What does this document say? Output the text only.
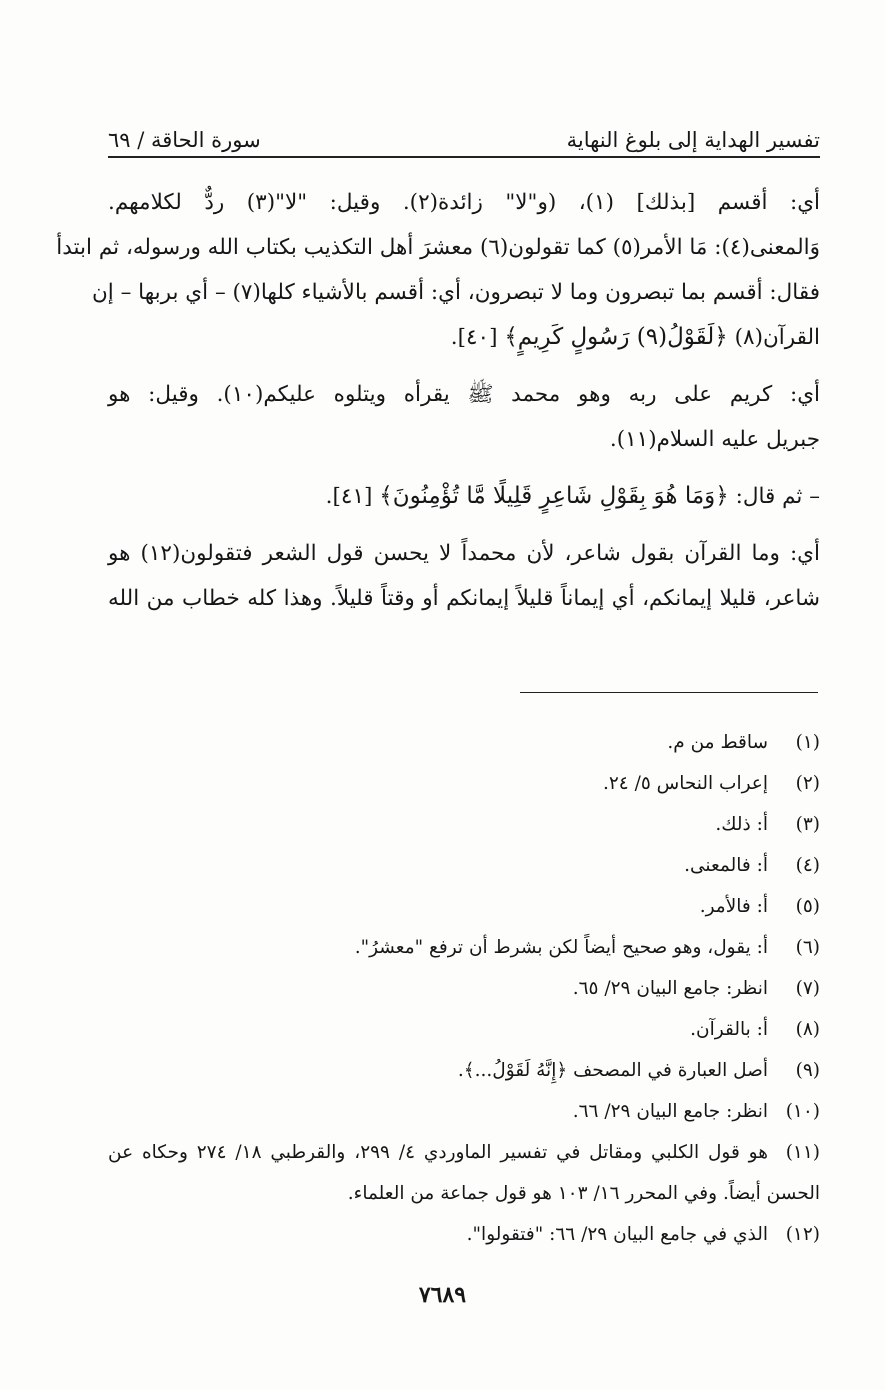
تفسير الهداية إلى بلوغ النهاية
سورة الحاقة / ٦٩

أي: أقسم [بذلك] (١)، (و"لا" زائدة(٢). وقيل: "لا"(٣) ردٌّ لكلامهم.
وَالمعنى(٤): مَا الأمر(٥) كما تقولون(٦) معشرَ أهل التكذيب بكتاب الله ورسوله، ثم ابتدأ
فقال: أقسم بما تبصرون وما لا تبصرون، أي: أقسم بالأشياء كلها(٧) – أي بربها – إن
القرآن(٨) ﴿لَقَوْلُ(٩) رَسُولٍ كَرِيمٍ﴾ [٤٠].

أي: كريم على ربه وهو محمد ﷺ يقرأه ويتلوه عليكم(١٠). وقيل: هو
جبريل عليه السلام(١١).

– ثم قال: ﴿وَمَا هُوَ بِقَوْلِ شَاعِرٍ قَلِيلًا مَّا تُؤْمِنُونَ﴾ [٤١].

أي: وما القرآن بقول شاعر، لأن محمداً لا يحسن قول الشعر فتقولون(١٢) هو
شاعر، قليلا إيمانكم، أي إيماناً قليلاً إيمانكم أو وقتاً قليلاً. وهذا كله خطاب من الله

(١)
ساقط من م.
(٢)
إعراب النحاس ٥/ ٢٤.
(٣)
أ: ذلك.
(٤)
أ: فالمعنى.
(٥)
أ: فالأمر.
(٦)
أ: يقول، وهو صحيح أيضاً لكن بشرط أن ترفع "معشرُ".
(٧)
انظر: جامع البيان ٢٩/ ٦٥.
(٨)
أ: بالقرآن.
(٩)
أصل العبارة في المصحف ﴿إِنَّهُ لَقَوْلُ...﴾.
(١٠)
انظر: جامع البيان ٢٩/ ٦٦.
(١١)
هو قول الكلبي ومقاتل في تفسير الماوردي ٤/ ٢٩٩، والقرطبي ١٨/ ٢٧٤ وحكاه عن
الحسن أيضاً. وفي المحرر ١٦/ ١٠٣ هو قول جماعة من العلماء.
(١٢)
الذي في جامع البيان ٢٩/ ٦٦: "فتقولوا".
٧٦٨٩
